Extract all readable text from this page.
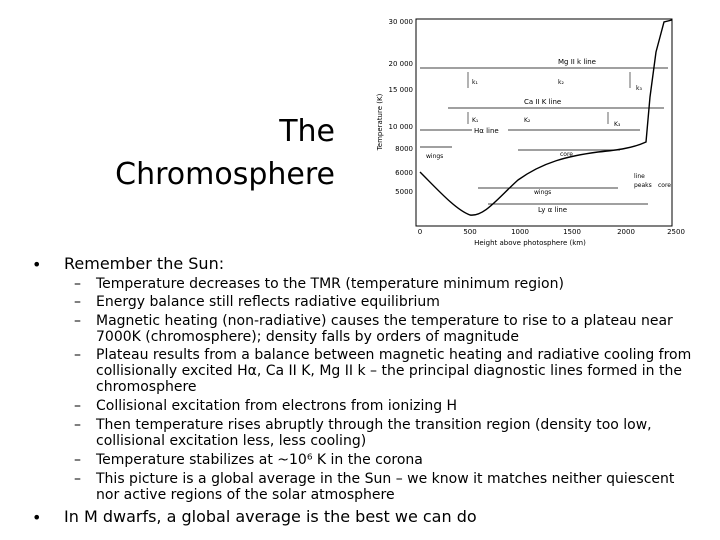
The
Chromosphere
Temperature (K)
30 000
20 000
15 000
10 000
8000
6000
5000
0	500	1000	1500	2000	2500
Height above photosphere (km)
Mg II k line
k₁	k₂
k₃
Ca II K line
K₁	K₂
K₃
Hα line
wings	core
wings
Ly α line
line
peaks core
• Remember the Sun:
– Temperature decreases to the TMR (temperature minimum region)
– Energy balance still reflects radiative equilibrium
– Magnetic heating (non-radiative) causes the temperature to rise to a plateau near 7000K (chromosphere); density falls by orders of magnitude
– Plateau results from a balance between magnetic heating and radiative cooling from collisionally excited Hα, Ca II K, Mg II k – the principal diagnostic lines formed in the chromosphere
– Collisional excitation from electrons from ionizing H
– Then temperature rises abruptly through the transition region (density too low, collisional excitation less, less cooling)
– Temperature stabilizes at ~10⁶ K in the corona
– This picture is a global average in the Sun – we know it matches neither quiescent nor active regions of the solar atmosphere
• In M dwarfs, a global average is the best we can do
